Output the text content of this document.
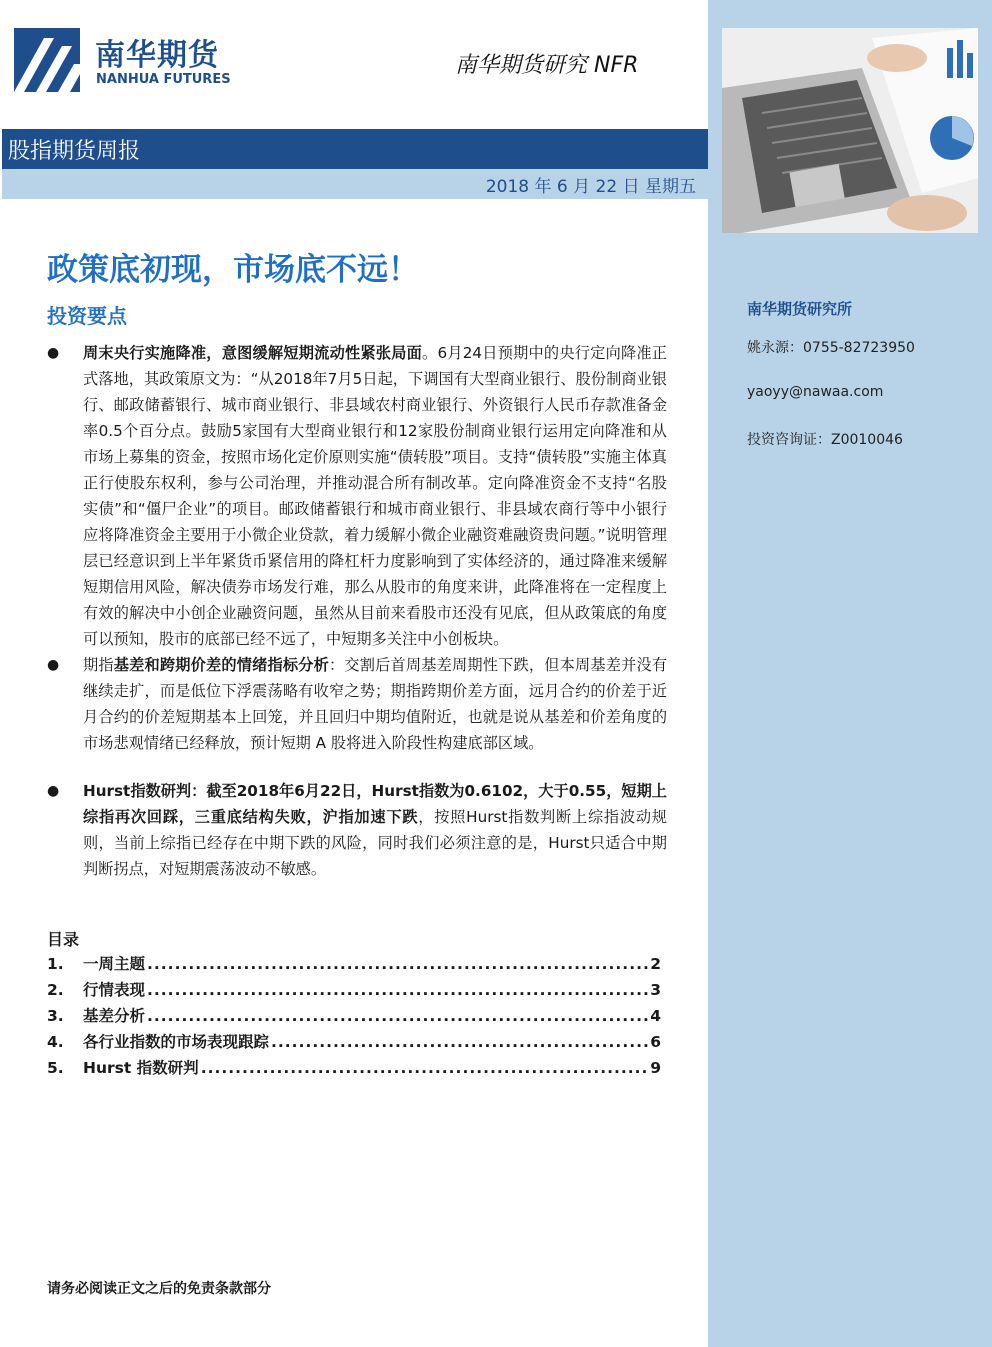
南华期货研究所
姚永源：0755-82723950
yaoyy@nawaa.com
投资咨询证：Z0010046
南华期货
NANHUA FUTURES
南华期货研究 NFR
股指期货周报
2018 年 6 月 22 日 星期五
政策底初现，市场底不远！
投资要点
● 周末央行实施降准，意图缓解短期流动性紧张局面。6月24日预期中的央行定向降准正式落地，其政策原文为：“从2018年7月5日起，下调国有大型商业银行、股份制商业银行、邮政储蓄银行、城市商业银行、非县域农村商业银行、外资银行人民币存款准备金率0.5个百分点。鼓励5家国有大型商业银行和12家股份制商业银行运用定向降准和从市场上募集的资金，按照市场化定价原则实施“债转股”项目。支持“债转股”实施主体真正行使股东权利，参与公司治理，并推动混合所有制改革。定向降准资金不支持“名股实债”和“僵尸企业”的项目。邮政储蓄银行和城市商业银行、非县域农商行等中小银行应将降准资金主要用于小微企业贷款，着力缓解小微企业融资难融资贵问题。”说明管理层已经意识到上半年紧货币紧信用的降杠杆力度影响到了实体经济的，通过降准来缓解短期信用风险，解决债券市场发行难，那么从股市的角度来讲，此降准将在一定程度上有效的解决中小创企业融资问题，虽然从目前来看股市还没有见底，但从政策底的角度可以预知，股市的底部已经不远了，中短期多关注中小创板块。
● 期指基差和跨期价差的情绪指标分析：交割后首周基差周期性下跌，但本周基差并没有继续走扩，而是低位下浮震荡略有收窄之势；期指跨期价差方面，远月合约的价差于近月合约的价差短期基本上回笼，并且回归中期均值附近，也就是说从基差和价差角度的市场悲观情绪已经释放，预计短期 A 股将进入阶段性构建底部区域。
● Hurst指数研判：截至2018年6月22日，Hurst指数为0.6102，大于0.55，短期上综指再次回踩，三重底结构失败，沪指加速下跌，按照Hurst指数判断上综指波动规则，当前上综指已经存在中期下跌的风险，同时我们必须注意的是，Hurst只适合中期判断拐点，对短期震荡波动不敏感。
目录
1.	一周主题 .....	2
2.	行情表现 .....	3
3.	基差分析 .....	4
4.	各行业指数的市场表现跟踪 .....	6
5.	Hurst 指数研判 .....	9
请务必阅读正文之后的免责条款部分
